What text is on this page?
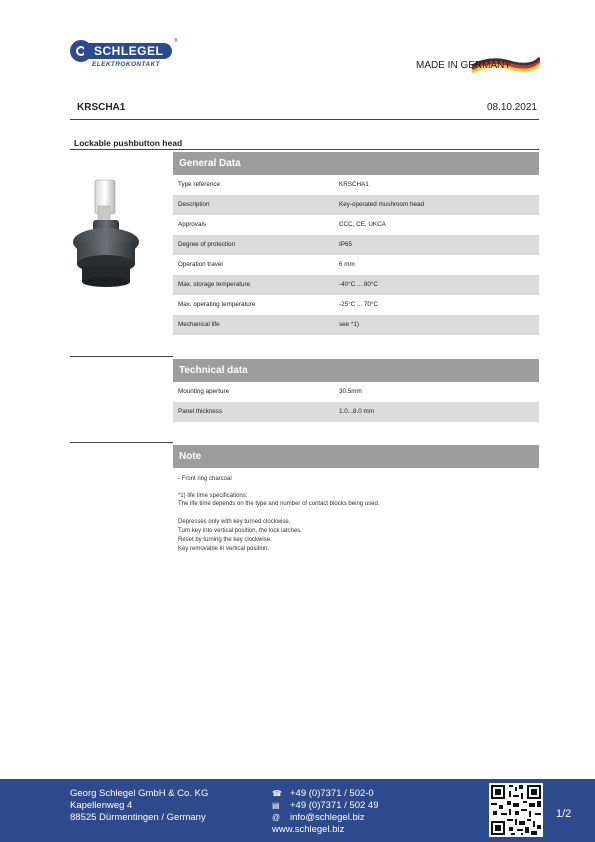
SCHLEGEL
®
ELEKTROKONTAKT	MADE IN GERMANY
KRSCHA1	08.10.2021
Lockable pushbutton head
General Data
Type reference	KRSCHA1
Description	Key-operated mushroom head
Approvals	CCC, CE, UKCA
Degree of protection	IP65
Operation travel	6 mm
Max. storage temperature	-40°C ... 80°C
Max. operating temperature	-25°C ... 70°C
Mechanical life	see *1)
Technical data
Mounting aperture	30.5mm
Panel thickness	1.0...8.0 mm
Note
- Front ring charcoal
*1) life time specifications:
The life time depends on the type and number of contact blocks being used.
Depresses only with key turned clockwise.
Turn key into vertical position, the lock latches.
Reset by turning the key clockwise.
Key removable in vertical position.
Georg Schlegel GmbH & Co. KG
Kapellenweg 4
88525 Dürmentingen / Germany
☎ +49 (0)7371 / 502-0
▤	+49 (0)7371 / 502 49
@	info@schlegel.biz
www.schlegel.biz
1/2
